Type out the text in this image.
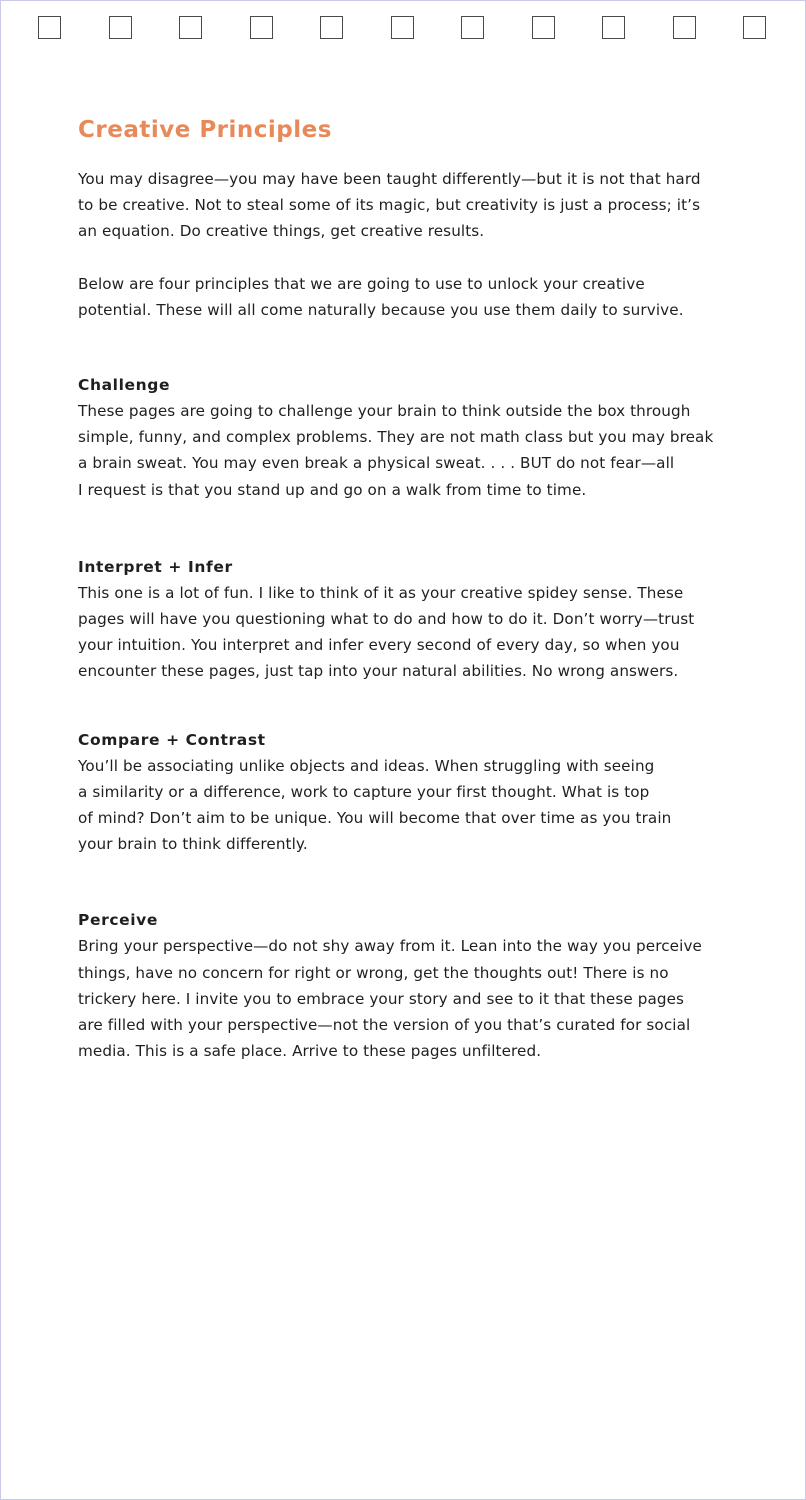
Creative Principles

You may disagree—you may have been taught differently—but it is not that hard
to be creative. Not to steal some of its magic, but creativity is just a process; it’s
an equation. Do creative things, get creative results.

Below are four principles that we are going to use to unlock your creative
potential. These will all come naturally because you use them daily to survive.

Challenge

These pages are going to challenge your brain to think outside the box through
simple, funny, and complex problems. They are not math class but you may break
a brain sweat. You may even break a physical sweat. . . . BUT do not fear—all
I request is that you stand up and go on a walk from time to time.

Interpret + Infer

This one is a lot of fun. I like to think of it as your creative spidey sense. These
pages will have you questioning what to do and how to do it. Don’t worry—trust
your intuition. You interpret and infer every second of every day, so when you
encounter these pages, just tap into your natural abilities. No wrong answers.

Compare + Contrast

You’ll be associating unlike objects and ideas. When struggling with seeing
a similarity or a difference, work to capture your first thought. What is top
of mind? Don’t aim to be unique. You will become that over time as you train
your brain to think differently.

Perceive

Bring your perspective—do not shy away from it. Lean into the way you perceive
things, have no concern for right or wrong, get the thoughts out! There is no
trickery here. I invite you to embrace your story and see to it that these pages
are filled with your perspective—not the version of you that’s curated for social
media. This is a safe place. Arrive to these pages unfiltered.
